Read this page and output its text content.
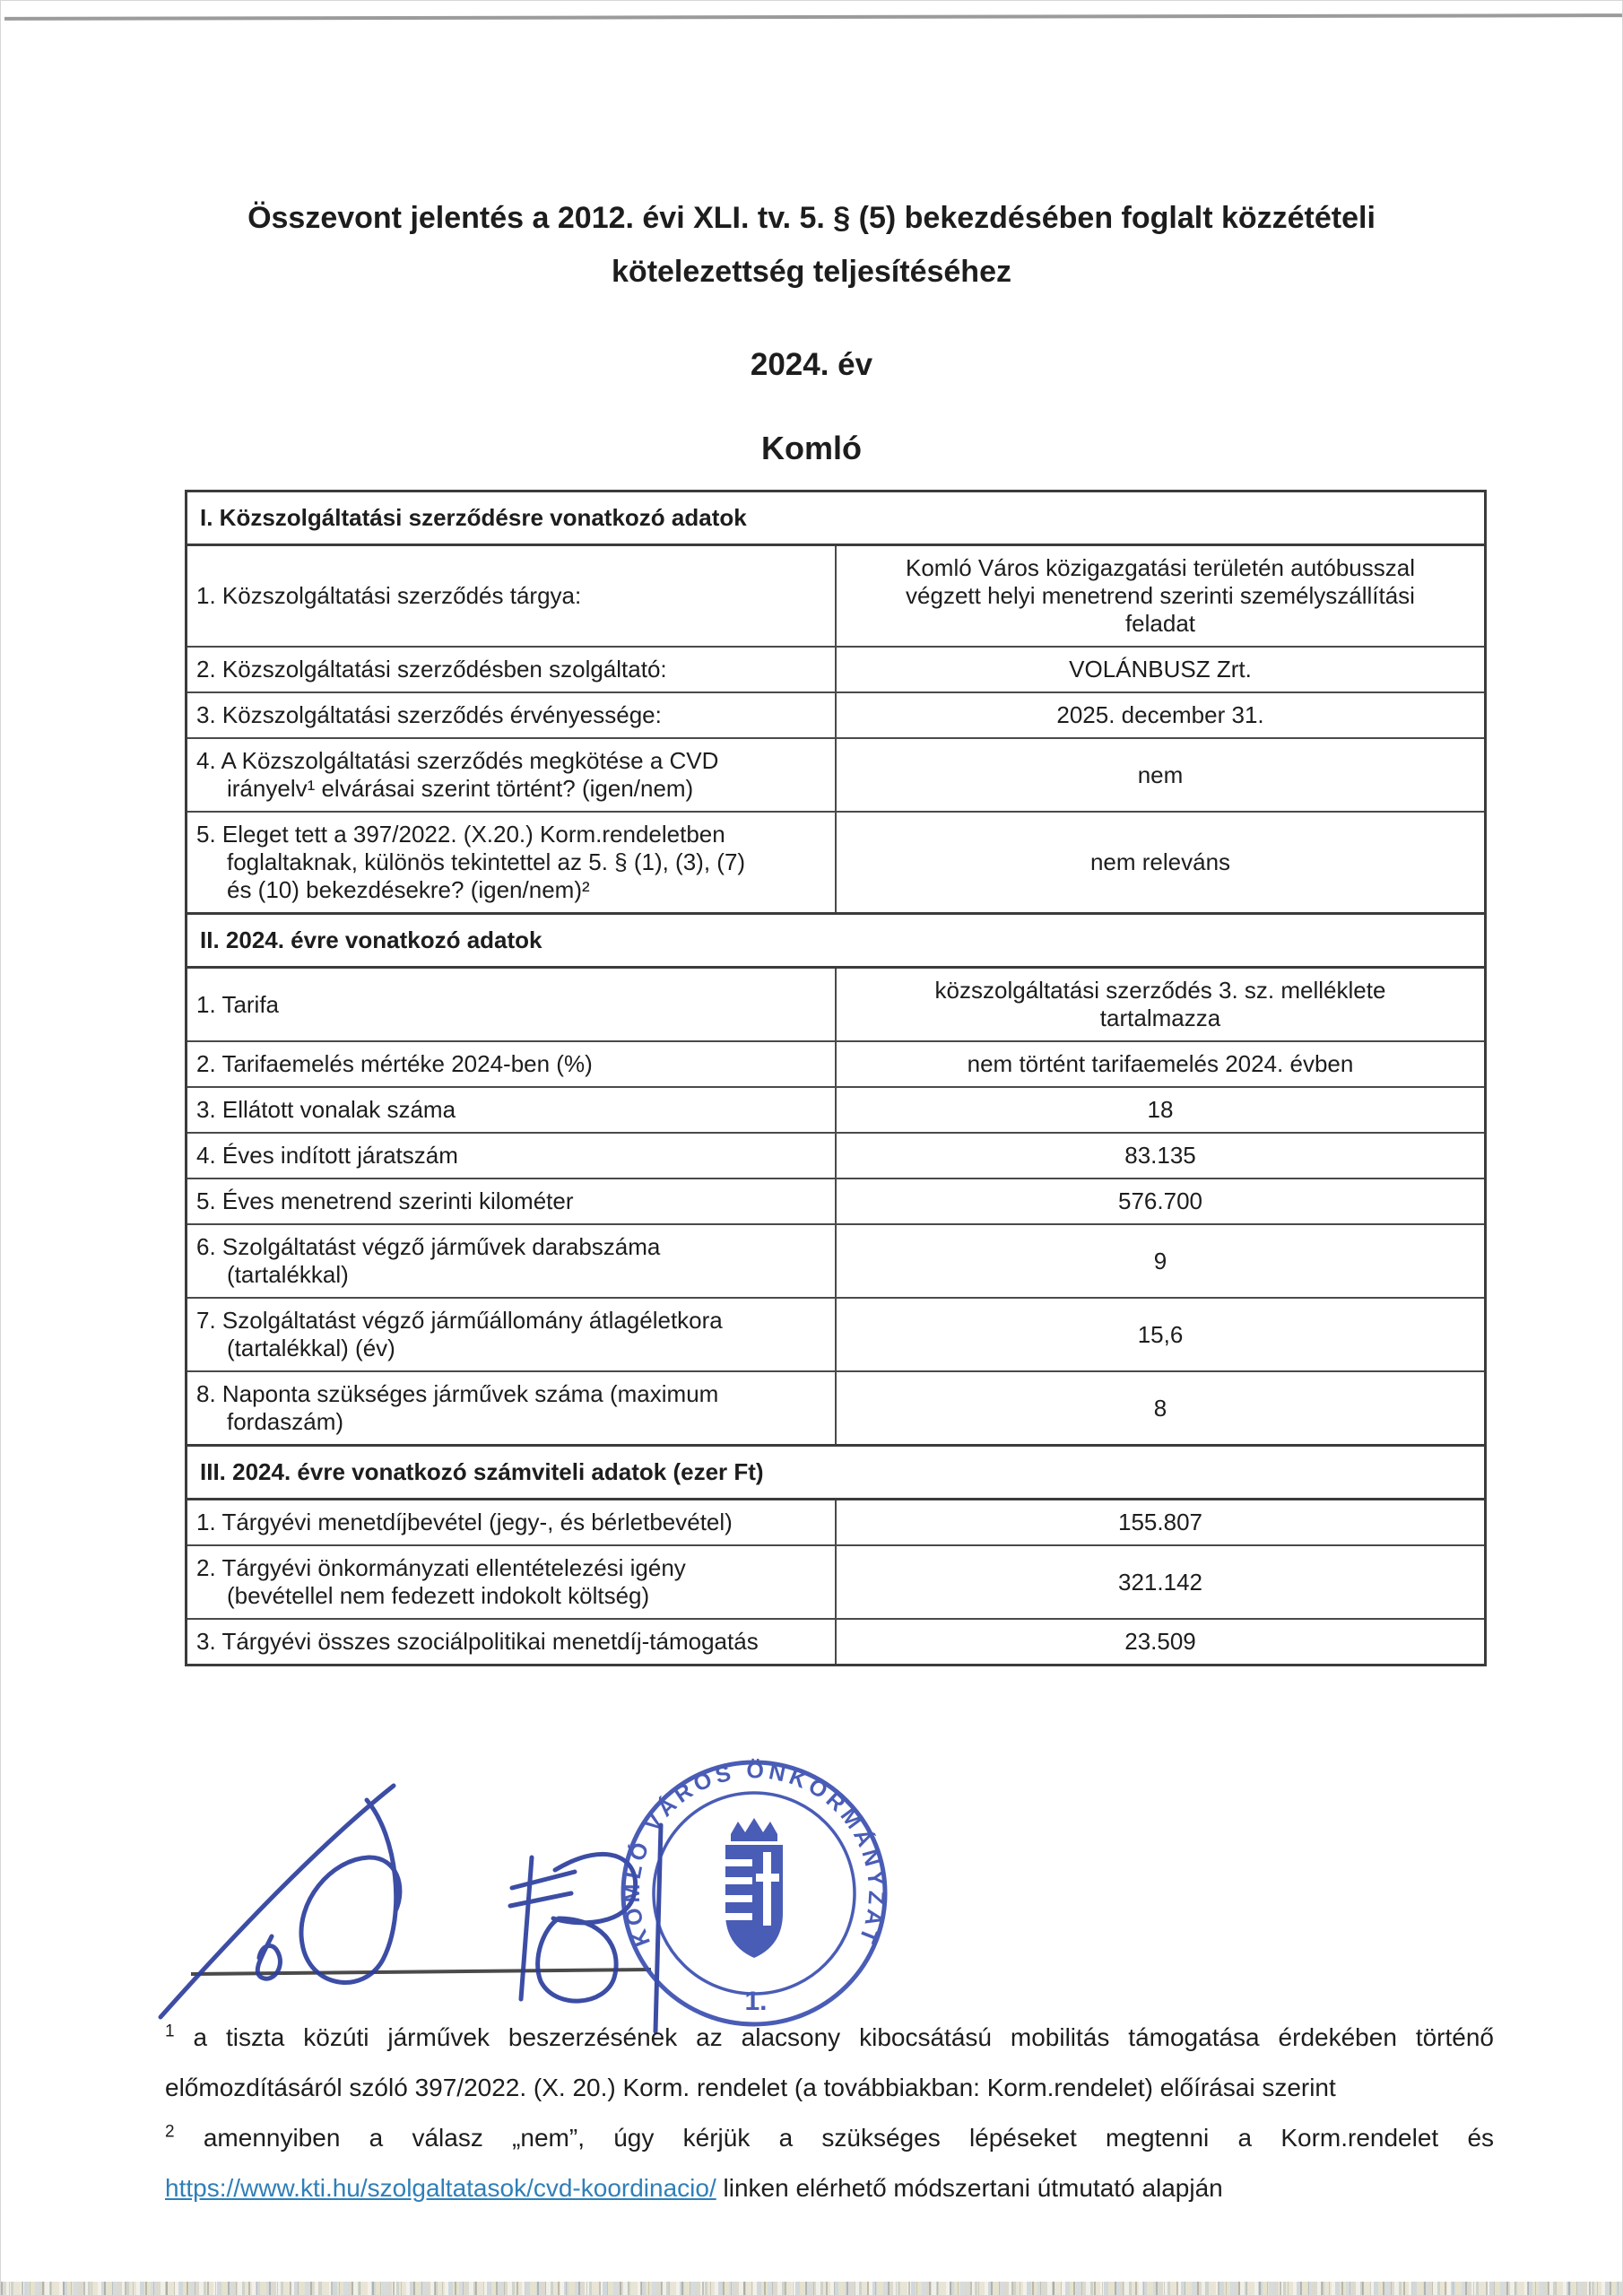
Összevont jelentés a 2012. évi XLI. tv. 5. § (5) bekezdésében foglalt közzétételi
kötelezettség teljesítéséhez
2024. év
Komló
I. Közszolgáltatási szerződésre vonatkozó adatok	
1. Közszolgáltatási szerződés tárgya:	Komló Város közigazgatási területén autóbusszal végzett helyi menetrend szerinti személyszállítási feladat
2. Közszolgáltatási szerződésben szolgáltató:	VOLÁNBUSZ Zrt.
3. Közszolgáltatási szerződés érvényessége:	2025. december 31.
4. A Közszolgáltatási szerződés megkötése a CVD irányelv¹ elvárásai szerint történt? (igen/nem)	nem
5. Eleget tett a 397/2022. (X.20.) Korm.rendeletben foglaltaknak, különös tekintettel az 5. § (1), (3), (7) és (10) bekezdésekre? (igen/nem)²	nem releváns
II. 2024. évre vonatkozó adatok	
1. Tarifa	közszolgáltatási szerződés 3. sz. melléklete tartalmazza
2. Tarifaemelés mértéke 2024-ben (%)	nem történt tarifaemelés 2024. évben
3. Ellátott vonalak száma	18
4. Éves indított járatszám	83.135
5. Éves menetrend szerinti kilométer	576.700
6. Szolgáltatást végző járművek darabszáma (tartalékkal)	9
7. Szolgáltatást végző járműállomány átlagéletkora (tartalékkal) (év)	15,6
8. Naponta szükséges járművek száma (maximum fordaszám)	8
III. 2024. évre vonatkozó számviteli adatok (ezer Ft)	
1. Tárgyévi menetdíjbevétel (jegy-, és bérletbevétel)	155.807
2. Tárgyévi önkormányzati ellentételezési igény (bevétellel nem fedezett indokolt költség)	321.142
3. Tárgyévi összes szociálpolitikai menetdíj-támogatás	23.509
KOMLÓ VÁROS ÖNKORMÁNYZAT
1.

$^1$ a tiszta közúti járművek beszerzésének az alacsony kibocsátású mobilitás támogatása érdekében történő előmozdításáról szóló 397/2022. (X. 20.) Korm. rendelet (a továbbiakban: Korm.rendelet) előírásai szerint

$^2$ amennyiben a válasz „nem”, úgy kérjük a szükséges lépéseket megtenni a Korm.rendelet és https://www.kti.hu/szolgaltatasok/cvd-koordinacio/ linken elérhető módszertani útmutató alapján
